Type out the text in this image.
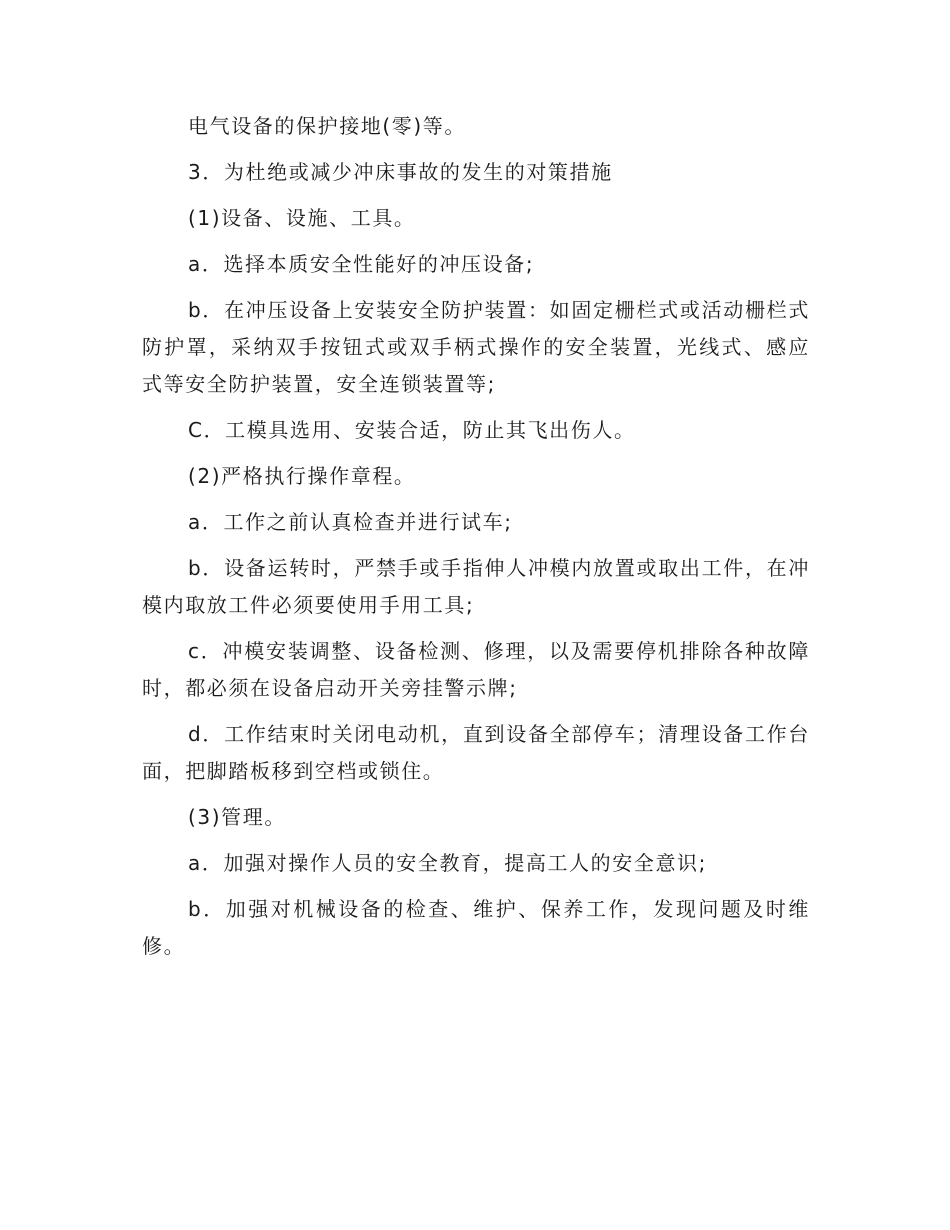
电气设备的保护接地(零)等。

3．为杜绝或减少冲床事故的发生的对策措施

(1)设备、设施、工具。

a．选择本质安全性能好的冲压设备;

b．在冲压设备上安装安全防护装置：如固定栅栏式或活动栅栏式防护罩，采纳双手按钮式或双手柄式操作的安全装置，光线式、感应式等安全防护装置，安全连锁装置等;

C．工模具选用、安装合适，防止其飞出伤人。

(2)严格执行操作章程。

a．工作之前认真检查并进行试车;

b．设备运转时，严禁手或手指伸人冲模内放置或取出工件，在冲模内取放工件必须要使用手用工具;

c．冲模安装调整、设备检测、修理，以及需要停机排除各种故障时，都必须在设备启动开关旁挂警示牌;

d．工作结束时关闭电动机，直到设备全部停车；清理设备工作台面，把脚踏板移到空档或锁住。

(3)管理。

a．加强对操作人员的安全教育，提高工人的安全意识;

b．加强对机械设备的检查、维护、保养工作，发现问题及时维修。
